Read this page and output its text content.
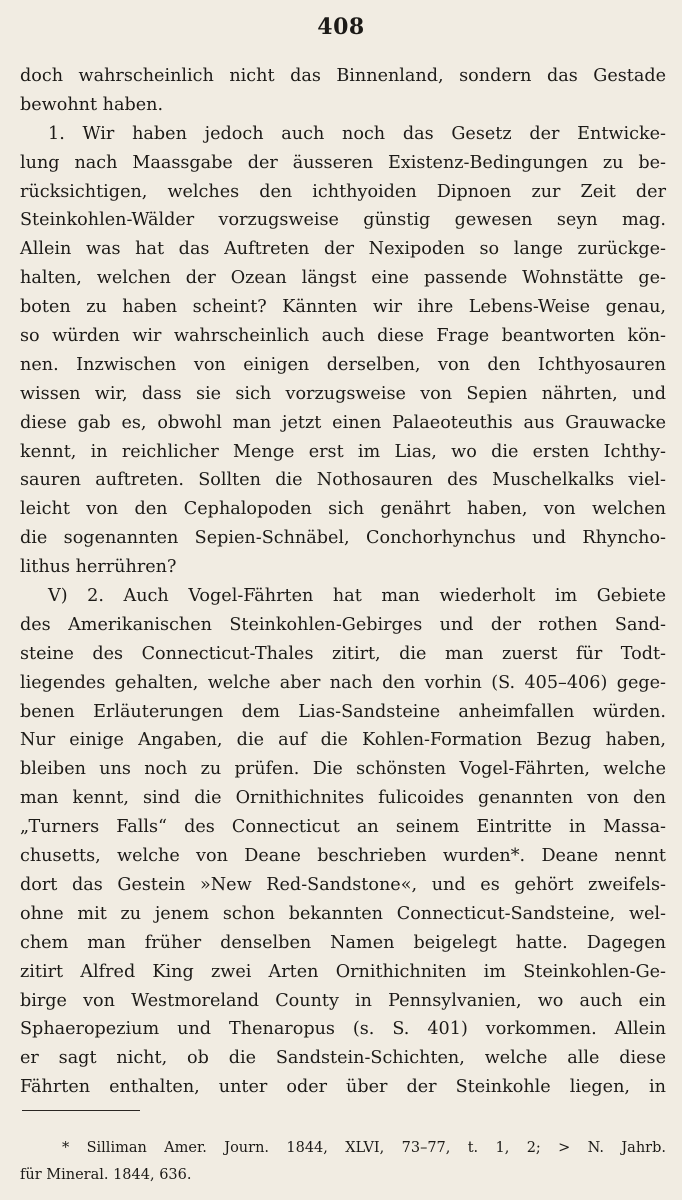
408
doch wahrscheinlich nicht das Binnenland, sondern das Gestade
bewohnt haben.
1. Wir haben jedoch auch noch das Gesetz der Entwicke-
lung nach Maassgabe der äusseren Existenz-Bedingungen zu be-
rücksichtigen, welches den ichthyoiden Dipnoen zur Zeit der
Steinkohlen-Wälder vorzugsweise günstig gewesen seyn mag.
Allein was hat das Auftreten der Nexipoden so lange zurückge-
halten, welchen der Ozean längst eine passende Wohnstätte ge-
boten zu haben scheint? Kännten wir ihre Lebens-Weise genau,
so würden wir wahrscheinlich auch diese Frage beantworten kön-
nen. Inzwischen von einigen derselben, von den Ichthyosauren
wissen wir, dass sie sich vorzugsweise von Sepien nährten, und
diese gab es, obwohl man jetzt einen Palaeoteuthis aus Grauwacke
kennt, in reichlicher Menge erst im Lias, wo die ersten Ichthy-
sauren auftreten. Sollten die Nothosauren des Muschelkalks viel-
leicht von den Cephalopoden sich genährt haben, von welchen
die sogenannten Sepien-Schnäbel, Conchorhynchus und Rhyncho-
lithus herrühren?
V) 2. Auch Vogel-Fährten hat man wiederholt im Gebiete
des Amerikanischen Steinkohlen-Gebirges und der rothen Sand-
steine des Connecticut-Thales zitirt, die man zuerst für Todt-
liegendes gehalten, welche aber nach den vorhin (S. 405–406) gege-
benen Erläuterungen dem Lias-Sandsteine anheimfallen würden.
Nur einige Angaben, die auf die Kohlen-Formation Bezug haben,
bleiben uns noch zu prüfen. Die schönsten Vogel-Fährten, welche
man kennt, sind die Ornithichnites fulicoides genannten von den
„Turners Falls“ des Connecticut an seinem Eintritte in Massa-
chusetts, welche von Deane beschrieben wurden*. Deane nennt
dort das Gestein »New Red-Sandstone«, und es gehört zweifels-
ohne mit zu jenem schon bekannten Connecticut-Sandsteine, wel-
chem man früher denselben Namen beigelegt hatte. Dagegen
zitirt Alfred King zwei Arten Ornithichniten im Steinkohlen-Ge-
birge von Westmoreland County in Pennsylvanien, wo auch ein
Sphaeropezium und Thenaropus (s. S. 401) vorkommen. Allein
er sagt nicht, ob die Sandstein-Schichten, welche alle diese
Fährten enthalten, unter oder über der Steinkohle liegen, in
* Silliman Amer. Journ. 1844, XLVI, 73–77, t. 1, 2; > N. Jahrb.
für Mineral. 1844, 636.
